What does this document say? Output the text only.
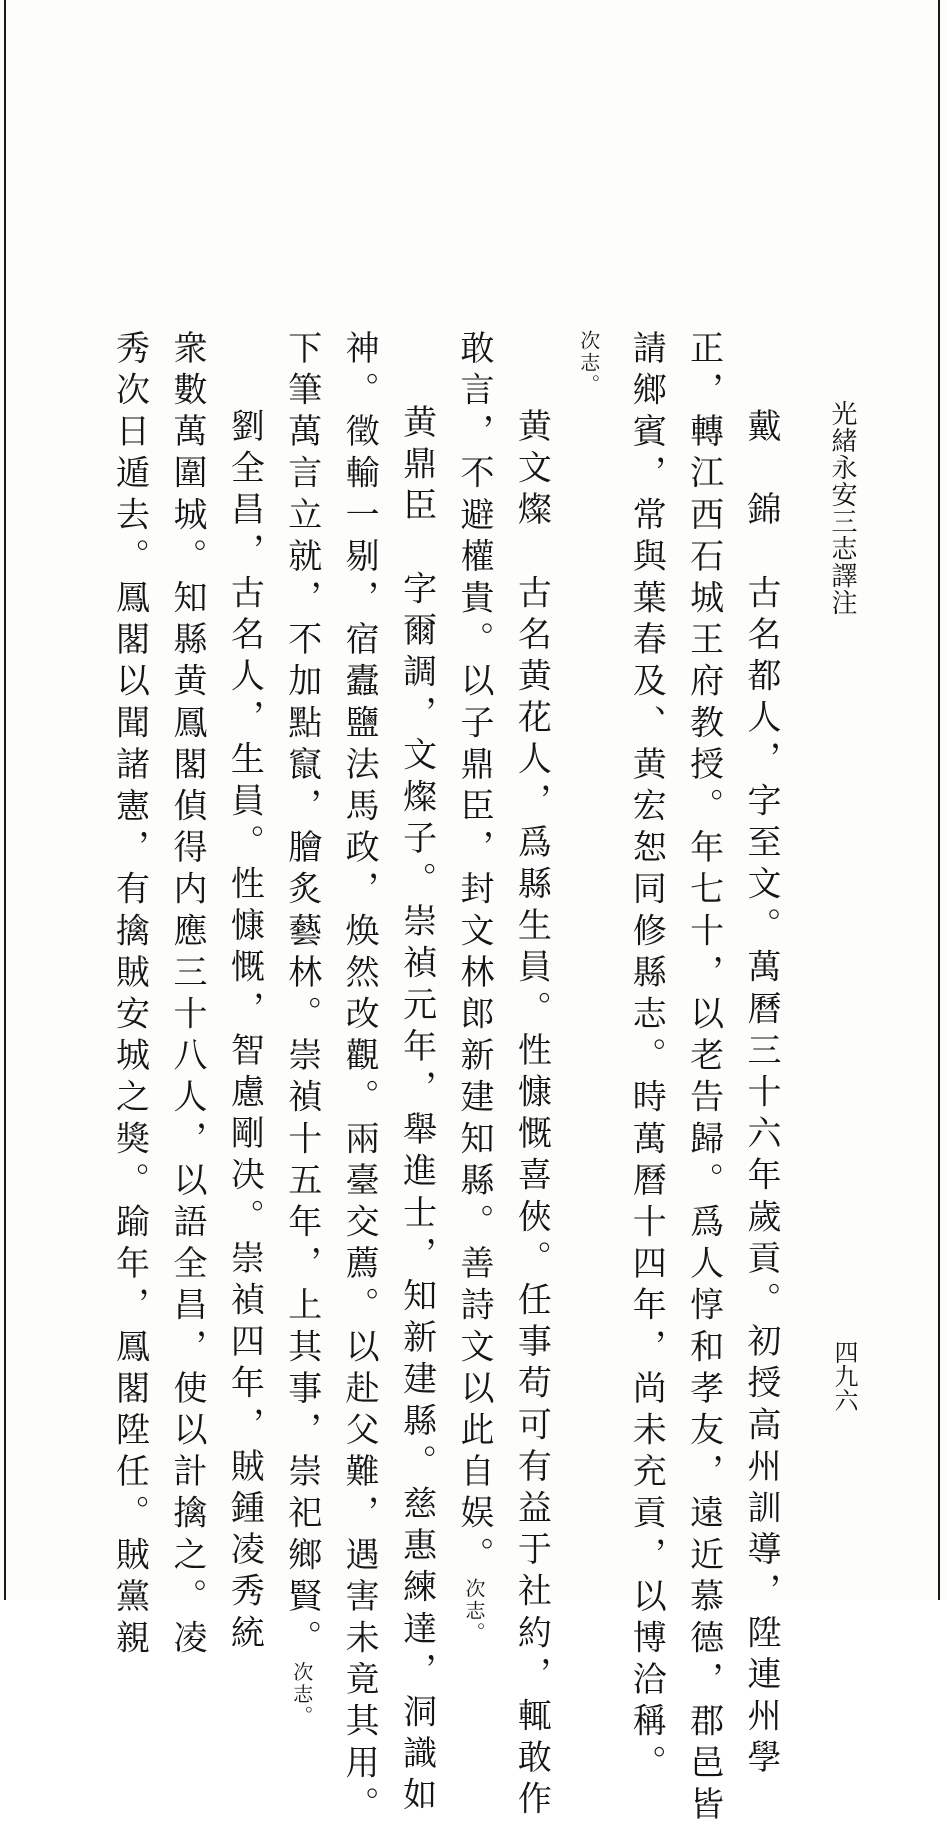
光緒永安三志譯注
四九六
戴　錦　古名都人，字至文。萬曆三十六年歲貢。初授高州訓導，陞連州學
正，轉江西石城王府教授。年七十，以老告歸。爲人惇和孝友，遠近慕德，郡邑皆
請鄉賓，常與葉春及、黄宏恕同修縣志。時萬曆十四年，尚未充貢，以博洽稱。
次志。
黄文燦　古名黄花人，爲縣生員。性慷慨喜俠。任事苟可有益于社約，輒敢作
敢言，不避權貴。以子鼎臣，封文林郎新建知縣。善詩文以此自娱。次志。
黄鼎臣　字爾調，文燦子。崇禎元年，舉進士，知新建縣。慈惠練達，洞識如
神。徵輸一剔，宿蠹鹽法馬政，焕然改觀。兩臺交薦。以赴父難，遇害未竟其用。
下筆萬言立就，不加點竄，膾炙藝林。崇禎十五年，上其事，崇祀鄉賢。次志。
劉全昌，古名人，生員。性慷慨，智慮剛决。崇禎四年，賊鍾凌秀統
衆數萬圍城。知縣黄鳳閣偵得内應三十八人，以語全昌，使以計擒之。凌
秀次日遁去。鳳閣以聞諸憲，有擒賊安城之獎。踰年，鳳閣陞任。賊黨親
